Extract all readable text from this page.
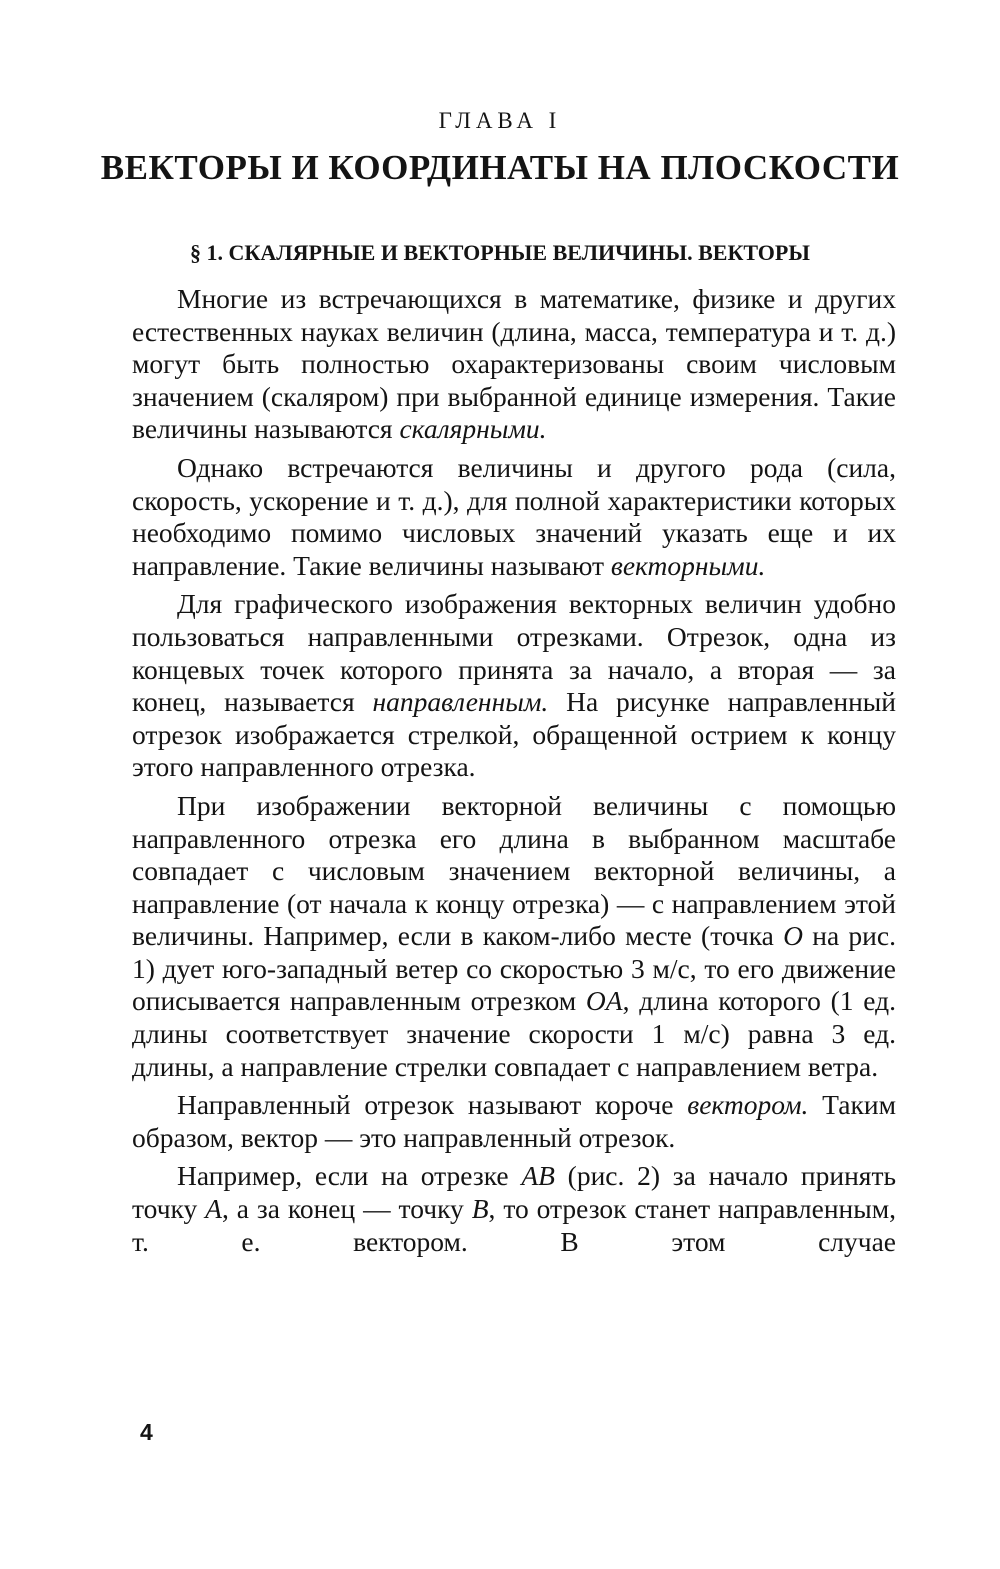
ГЛАВА I
ВЕКТОРЫ И КООРДИНАТЫ НА ПЛОСКОСТИ
§ 1. СКАЛЯРНЫЕ И ВЕКТОРНЫЕ ВЕЛИЧИНЫ. ВЕКТОРЫ

Многие из встречающихся в математике, физике и других естественных науках величин (длина, масса, температура и т. д.) могут быть полностью охарактеризованы своим числовым значением (скаляром) при выбранной единице измерения. Такие величины называются скалярными.

Однако встречаются величины и другого рода (сила, скорость, ускорение и т. д.), для полной характеристики которых необходимо помимо числовых значений указать еще и их направление. Такие величины называют векторными.

Для графического изображения векторных величин удобно пользоваться направленными отрезками. Отрезок, одна из концевых точек которого принята за начало, а вторая — за конец, называется направленным. На рисунке направленный отрезок изображается стрелкой, обращенной острием к концу этого направленного отрезка.

При изображении векторной величины с помощью направленного отрезка его длина в выбранном масштабе совпадает с числовым значением векторной величины, а направление (от начала к концу отрезка) — с направлением этой величины. Например, если в каком-либо месте (точка O на рис. 1) дует юго-западный ветер со скоростью 3 м/с, то его движение описывается направленным отрезком OA, длина которого (1 ед. длины соответствует значение скорости 1 м/с) равна 3 ед. длины, а направление стрелки совпадает с направлением ветра.

Направленный отрезок называют короче вектором. Таким образом, вектор — это направленный отрезок.

Например, если на отрезке AB (рис. 2) за начало принять точку A, а за конец — точку B, то отрезок станет направленным, т. е. вектором. В этом случае

4
